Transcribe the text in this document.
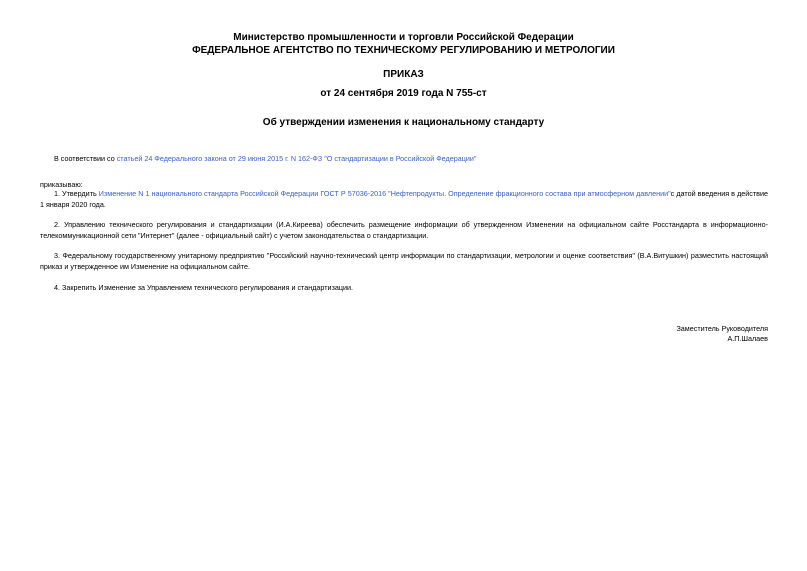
Министерство промышленности и торговли Российской Федерации
ФЕДЕРАЛЬНОЕ АГЕНТСТВО ПО ТЕХНИЧЕСКОМУ РЕГУЛИРОВАНИЮ И МЕТРОЛОГИИ
ПРИКАЗ
от 24 сентября 2019 года N 755-ст
Об утверждении изменения к национальному стандарту
В соответствии со статьей 24 Федерального закона от 29 июня 2015 г. N 162-ФЗ "О стандартизации в Российской Федерации"
приказываю:
1. Утвердить Изменение N 1 национального стандарта Российской Федерации ГОСТ Р 57036-2016 "Нефтепродукты. Определение фракционного состава при атмосферном давлении"с датой введения в действие 1 января 2020 года.
2. Управлению технического регулирования и стандартизации (И.А.Киреева) обеспечить размещение информации об утвержденном Изменении на официальном сайте Росстандарта в информационно-телекоммуникационной сети "Интернет" (далее - официальный сайт) с учетом законодательства о стандартизации.
3. Федеральному государственному унитарному предприятию "Российский научно-технический центр информации по стандартизации, метрологии и оценке соответствия" (В.А.Витушкин) разместить настоящий приказ и утвержденное им Изменение на официальном сайте.
4. Закрепить Изменение за Управлением технического регулирования и стандартизации.
Заместитель Руководителя
А.П.Шалаев
